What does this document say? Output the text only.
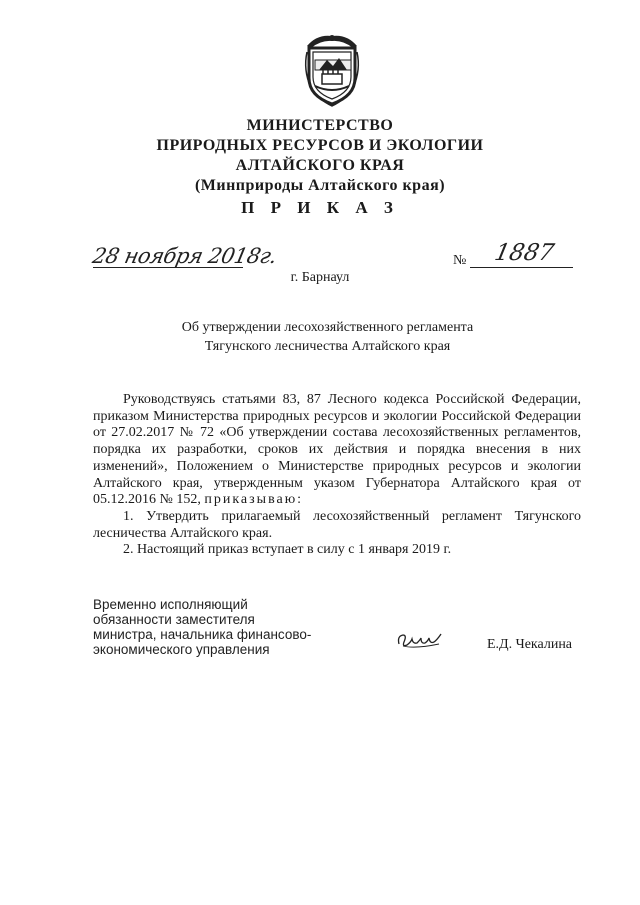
МИНИСТЕРСТВО
ПРИРОДНЫХ РЕСУРСОВ И ЭКОЛОГИИ
АЛТАЙСКОГО КРАЯ
(Минприроды Алтайского края)
П Р И К А З
28 ноября 2018г.	№ 1887
г. Барнаул
Об утверждении лесохозяйственного регламента
Тягунского лесничества Алтайского края

Руководствуясь статьями 83, 87 Лесного кодекса Российской Федерации, приказом Министерства природных ресурсов и экологии Российской Федерации от 27.02.2017 № 72 «Об утверждении состава лесохозяйственных регламентов, порядка их разработки, сроков их действия и порядка внесения в них изменений», Положением о Министерстве природных ресурсов и экологии Алтайского края, утвержденным указом Губернатора Алтайского края от 05.12.2016 № 152, приказываю:

1. Утвердить прилагаемый лесохозяйственный регламент Тягунского лесничества Алтайского края.

2. Настоящий приказ вступает в силу с 1 января 2019 г.

Временно исполняющий
обязанности заместителя
министра, начальника финансово-
экономического управления	Е.Д. Чекалина
